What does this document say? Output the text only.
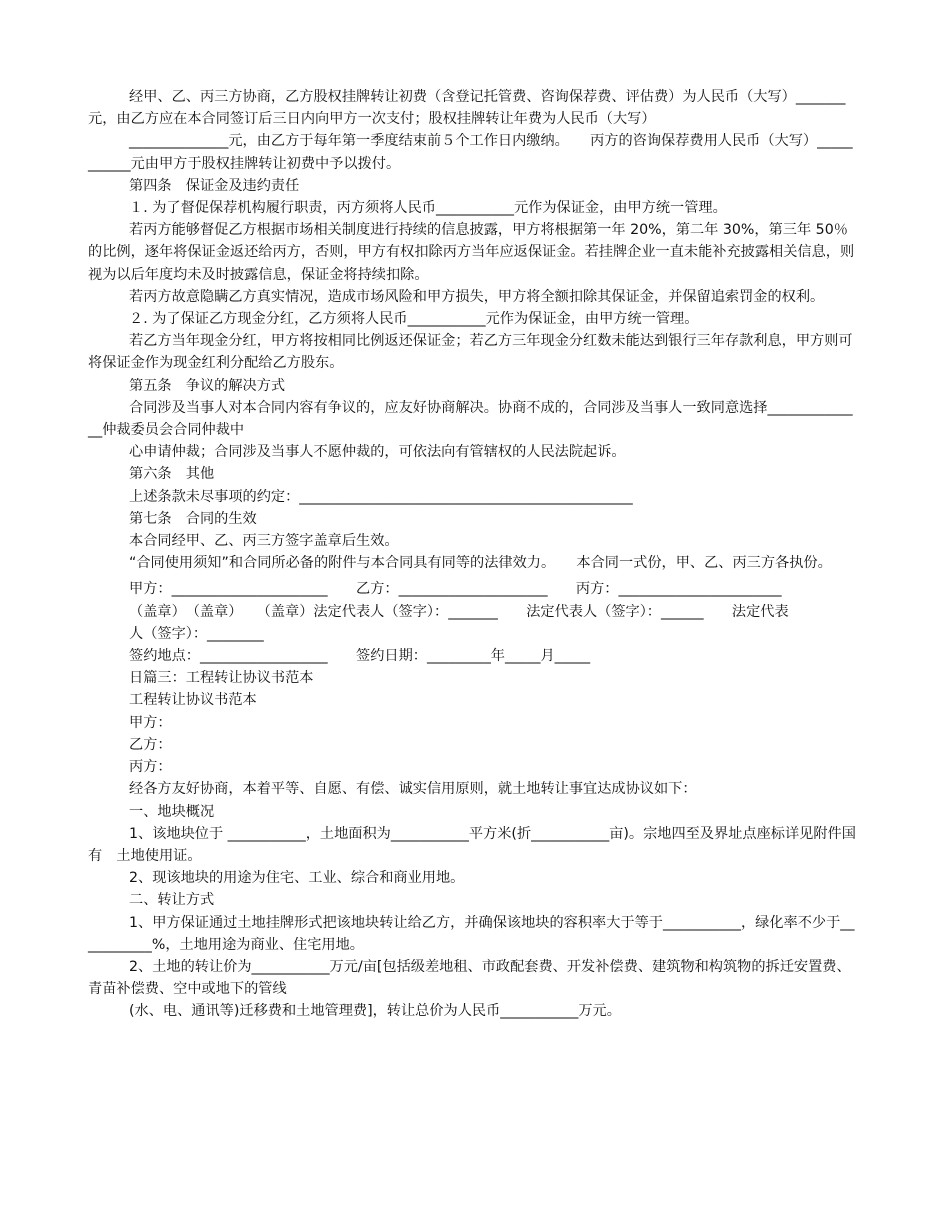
经甲、乙、丙三方协商，乙方股权挂牌转让初费（含登记托管费、咨询保荐费、评估费）为人民币（大写）_______元，由乙方应在本合同签订后三日内向甲方一次支付；股权挂牌转让年费为人民币（大写）

______________元，由乙方于每年第一季度结束前５个工作日内缴纳。　　丙方的咨询保荐费用人民币（大写）___________元由甲方于股权挂牌转让初费中予以拨付。

第四条　保证金及违约责任

１. 为了督促保荐机构履行职责，丙方须将人民币___________元作为保证金，由甲方统一管理。

若丙方能够督促乙方根据市场相关制度进行持续的信息披露，甲方将根据第一年 20%，第二年 30%，第三年 50％的比例，逐年将保证金返还给丙方，否则，甲方有权扣除丙方当年应返保证金。若挂牌企业一直未能补充披露相关信息，则视为以后年度均未及时披露信息，保证金将持续扣除。

若丙方故意隐瞒乙方真实情况，造成市场风险和甲方损失，甲方将全额扣除其保证金，并保留追索罚金的权利。

２. 为了保证乙方现金分红，乙方须将人民币___________元作为保证金，由甲方统一管理。

若乙方当年现金分红，甲方将按相同比例返还保证金；若乙方三年现金分红数未能达到银行三年存款利息，甲方则可将保证金作为现金红利分配给乙方股东。

第五条　争议的解决方式

合同涉及当事人对本合同内容有争议的，应友好协商解决。协商不成的，合同涉及当事人一致同意选择______________仲裁委员会合同仲裁中

心申请仲裁；合同涉及当事人不愿仲裁的，可依法向有管辖权的人民法院起诉。

第六条　其他

上述条款未尽事项的约定：_______________________________________________

第七条　合同的生效

本合同经甲、乙、丙三方签字盖章后生效。

“合同使用须知”和合同所必备的附件与本合同具有同等的法律效力。　　本合同一式份，甲、乙、丙三方各执份。

甲方：______________________　　乙方：_____________________　　丙方：_______________________

（盖章）　（盖章）　　（盖章）法定代表人（签字）：_______　　法定代表人（签字）：______　　法定代表

人（签字）：________

签约地点：__________________　　签约日期：_________年_____月_____

日篇三：工程转让协议书范本

工程转让协议书范本

甲方：

乙方：

丙方：

经各方友好协商，本着平等、自愿、有偿、诚实信用原则，就土地转让事宜达成协议如下：

一、地块概况

1、该地块位于 ___________，土地面积为___________平方米(折___________亩)。宗地四至及界址点座标详见附件国有　土地使用证。

2、现该地块的用途为住宅、工业、综合和商业用地。

二、转让方式

1、甲方保证通过土地挂牌形式把该地块转让给乙方，并确保该地块的容积率大于等于___________，绿化率不少于___________%，土地用途为商业、住宅用地。

2、土地的转让价为___________万元/亩[包括级差地租、市政配套费、开发补偿费、建筑物和构筑物的拆迁安置费、　青苗补偿费、空中或地下的管线

(水、电、通讯等)迁移费和土地管理费]，转让总价为人民币___________万元。
